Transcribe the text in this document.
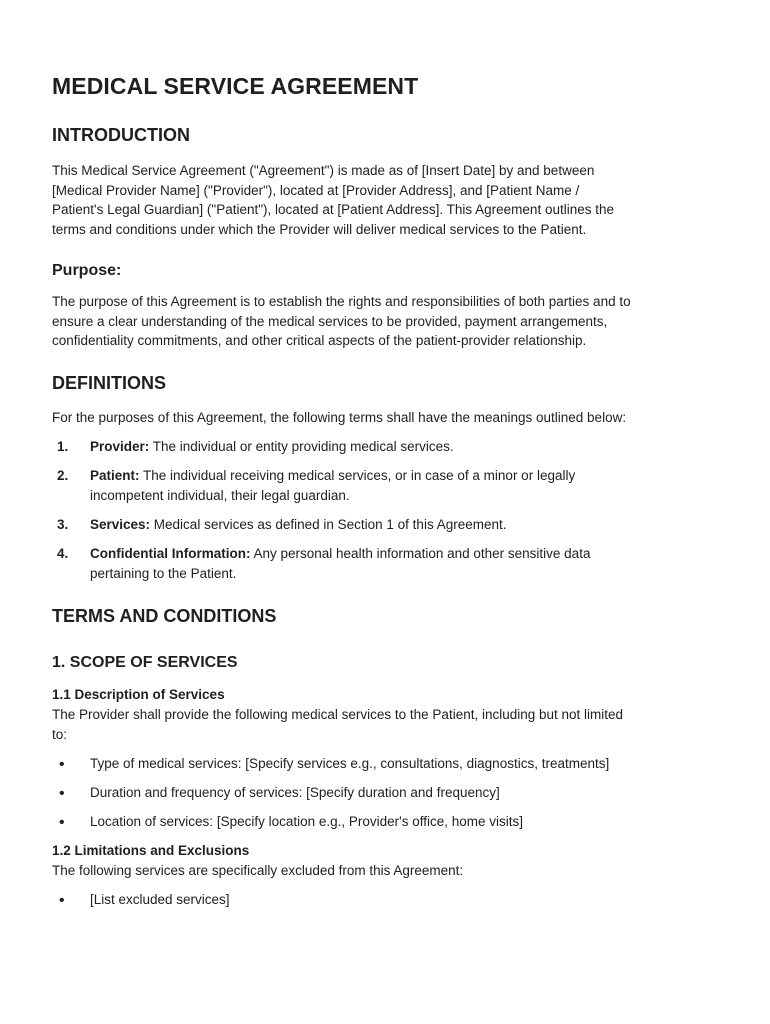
MEDICAL SERVICE AGREEMENT
INTRODUCTION

This Medical Service Agreement ("Agreement") is made as of [Insert Date] by and between

[Medical Provider Name] ("Provider"), located at [Provider Address], and [Patient Name /

Patient's Legal Guardian] ("Patient"), located at [Patient Address]. This Agreement outlines the

terms and conditions under which the Provider will deliver medical services to the Patient.

Purpose:

The purpose of this Agreement is to establish the rights and responsibilities of both parties and to

ensure a clear understanding of the medical services to be provided, payment arrangements,

confidentiality commitments, and other critical aspects of the patient-provider relationship.

DEFINITIONS

For the purposes of this Agreement, the following terms shall have the meanings outlined below:

1. Provider: The individual or entity providing medical services.

2. Patient: The individual receiving medical services, or in case of a minor or legally

incompetent individual, their legal guardian.

3. Services: Medical services as defined in Section 1 of this Agreement.

4. Confidential Information: Any personal health information and other sensitive data

pertaining to the Patient.

TERMS AND CONDITIONS
1. SCOPE OF SERVICES
1.1 Description of Services

The Provider shall provide the following medical services to the Patient, including but not limited

to:

• Type of medical services: [Specify services e.g., consultations, diagnostics, treatments]

• Duration and frequency of services: [Specify duration and frequency]

• Location of services: [Specify location e.g., Provider's office, home visits]

1.2 Limitations and Exclusions

The following services are specifically excluded from this Agreement:

• [List excluded services]
